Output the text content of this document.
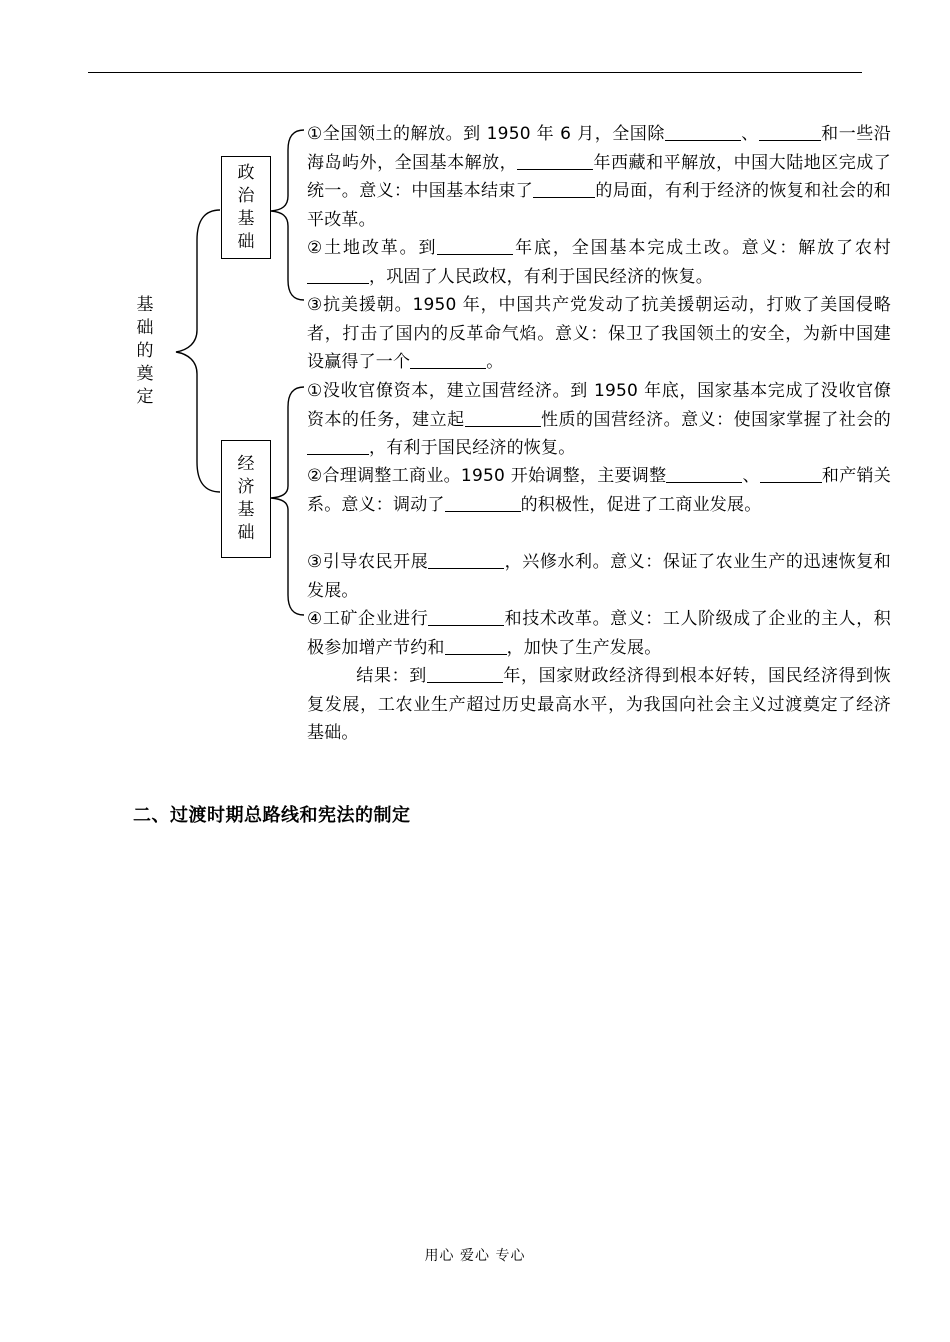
基础的奠定
政治基础
经济基础
①全国领土的解放。到 1950 年 6 月，全国除	、	和一些沿海岛屿外，全国基本解放，	年西藏和平解放，中国大陆地区完成了统一。意义：中国基本结束了	的局面，有利于经济的恢复和社会的和平改革。
②土地改革。到	年底，全国基本完成土改。意义：解放了农村，巩固了人民政权，有利于国民经济的恢复。
③抗美援朝。1950 年，中国共产党发动了抗美援朝运动，打败了美国侵略者，打击了国内的反革命气焰。意义：保卫了我国领土的安全，为新中国建设赢得了一个	。
①没收官僚资本，建立国营经济。到 1950 年底，国家基本完成了没收官僚资本的任务，建立起	性质的国营经济。意义：使国家掌握了社会的，有利于国民经济的恢复。
②合理调整工商业。1950 开始调整，主要调整	、	和产销关系。意义：调动了	的积极性，促进了工商业发展。
③引导农民开展	，兴修水利。意义：保证了农业生产的迅速恢复和发展。
④工矿企业进行	和技术改革。意义：工人阶级成了企业的主人，积极参加增产节约和	，加快了生产发展。
结果：到	年，国家财政经济得到根本好转，国民经济得到恢复发展，工农业生产超过历史最高水平，为我国向社会主义过渡奠定了经济基础。
二、过渡时期总路线和宪法的制定
用心 爱心 专心
